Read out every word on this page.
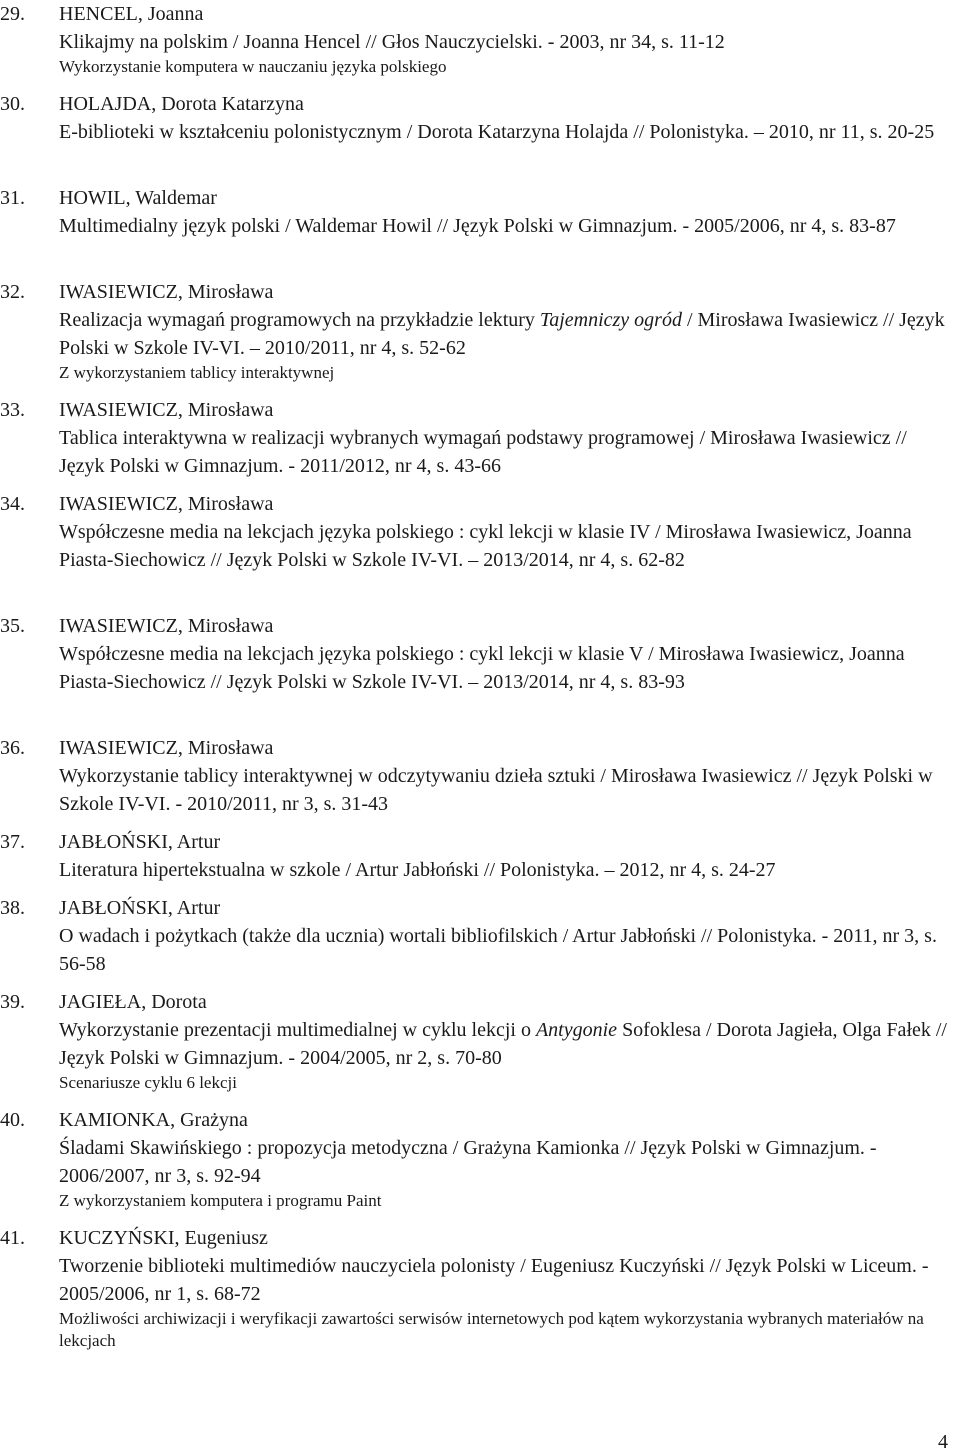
29. HENCEL, Joanna
Klikajmy na polskim / Joanna Hencel // Głos Nauczycielski. - 2003, nr 34, s. 11-12
Wykorzystanie komputera w nauczaniu języka polskiego
30. HOLAJDA, Dorota Katarzyna
E-biblioteki w kształceniu polonistycznym / Dorota Katarzyna Holajda // Polonistyka. – 2010, nr 11, s. 20-25
31. HOWIL, Waldemar
Multimedialny język polski / Waldemar Howil // Język Polski w Gimnazjum. - 2005/2006, nr 4, s. 83-87
32. IWASIEWICZ, Mirosława
Realizacja wymagań programowych na przykładzie lektury Tajemniczy ogród / Mirosława Iwasiewicz // Język Polski w Szkole IV-VI. – 2010/2011, nr 4, s. 52-62
Z wykorzystaniem tablicy interaktywnej
33. IWASIEWICZ, Mirosława
Tablica interaktywna w realizacji wybranych wymagań podstawy programowej / Mirosława Iwasiewicz // Język Polski w Gimnazjum. - 2011/2012, nr 4, s. 43-66
34. IWASIEWICZ, Mirosława
Współczesne media na lekcjach języka polskiego : cykl lekcji w klasie IV / Mirosława Iwasiewicz, Joanna Piasta-Siechowicz // Język Polski w Szkole IV-VI. – 2013/2014, nr 4, s. 62-82
35. IWASIEWICZ, Mirosława
Współczesne media na lekcjach języka polskiego : cykl lekcji w klasie V / Mirosława Iwasiewicz, Joanna Piasta-Siechowicz // Język Polski w Szkole IV-VI. – 2013/2014, nr 4, s. 83-93
36. IWASIEWICZ, Mirosława
Wykorzystanie tablicy interaktywnej w odczytywaniu dzieła sztuki / Mirosława Iwasiewicz // Język Polski w Szkole IV-VI. - 2010/2011, nr 3, s. 31-43
37. JABŁOŃSKI, Artur
Literatura hipertekstualna w szkole / Artur Jabłoński // Polonistyka. – 2012, nr 4, s. 24-27
38. JABŁOŃSKI, Artur
O wadach i pożytkach (także dla ucznia) wortali bibliofilskich / Artur Jabłoński // Polonistyka. - 2011, nr 3, s. 56-58
39. JAGIEŁA, Dorota
Wykorzystanie prezentacji multimedialnej w cyklu lekcji o Antygonie Sofoklesa / Dorota Jagieła, Olga Fałek // Język Polski w Gimnazjum. - 2004/2005, nr 2, s. 70-80
Scenariusze cyklu 6 lekcji
40. KAMIONKA, Grażyna
Śladami Skawińskiego : propozycja metodyczna / Grażyna Kamionka // Język Polski w Gimnazjum. - 2006/2007, nr 3, s. 92-94
Z wykorzystaniem komputera i programu Paint
41. KUCZYŃSKI, Eugeniusz
Tworzenie biblioteki multimediów nauczyciela polonisty / Eugeniusz Kuczyński // Język Polski w Liceum. - 2005/2006, nr 1, s. 68-72
Możliwości archiwizacji i weryfikacji zawartości serwisów internetowych pod kątem wykorzystania wybranych materiałów na lekcjach
4
